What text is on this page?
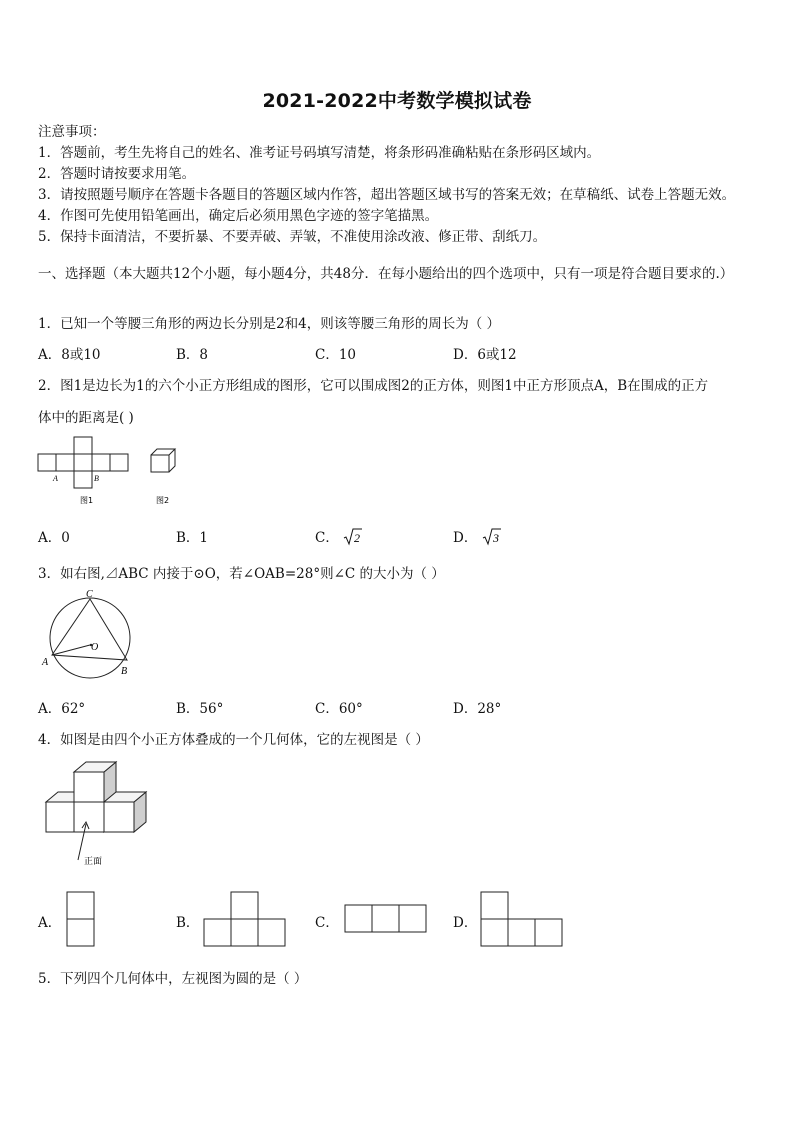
2021-2022中考数学模拟试卷
注意事项：
1．答题前，考生先将自己的姓名、准考证号码填写清楚，将条形码准确粘贴在条形码区域内。
2．答题时请按要求用笔。
3．请按照题号顺序在答题卡各题目的答题区域内作答，超出答题区域书写的答案无效；在草稿纸、试卷上答题无效。
4．作图可先使用铅笔画出，确定后必须用黑色字迹的签字笔描黑。
5．保持卡面清洁，不要折暴、不要弄破、弄皱，不准使用涂改液、修正带、刮纸刀。
一、选择题（本大题共12个小题，每小题4分，共48分．在每小题给出的四个选项中，只有一项是符合题目要求的.）
1．已知一个等腰三角形的两边长分别是2和4，则该等腰三角形的周长为（ ）
A．8或10	B．8	C．10	D．6或12
2．图1是边长为1的六个小正方形组成的图形，它可以围成图2的正方体，则图1中正方形顶点A，B在围成的正方
体中的距离是( )
A	B
图1	图2
A．0	B．1	C． 2	D． 3
3．如右图,⊿ABC 内接于⊙O，若∠OAB=28°则∠C 的大小为（ ）
C
A
B
O
A．62°	B．56°	C．60°	D．28°
4．如图是由四个小正方体叠成的一个几何体，它的左视图是（ ）
正面
A．	B．	C．	D．
5．下列四个几何体中，左视图为圆的是（ ）
